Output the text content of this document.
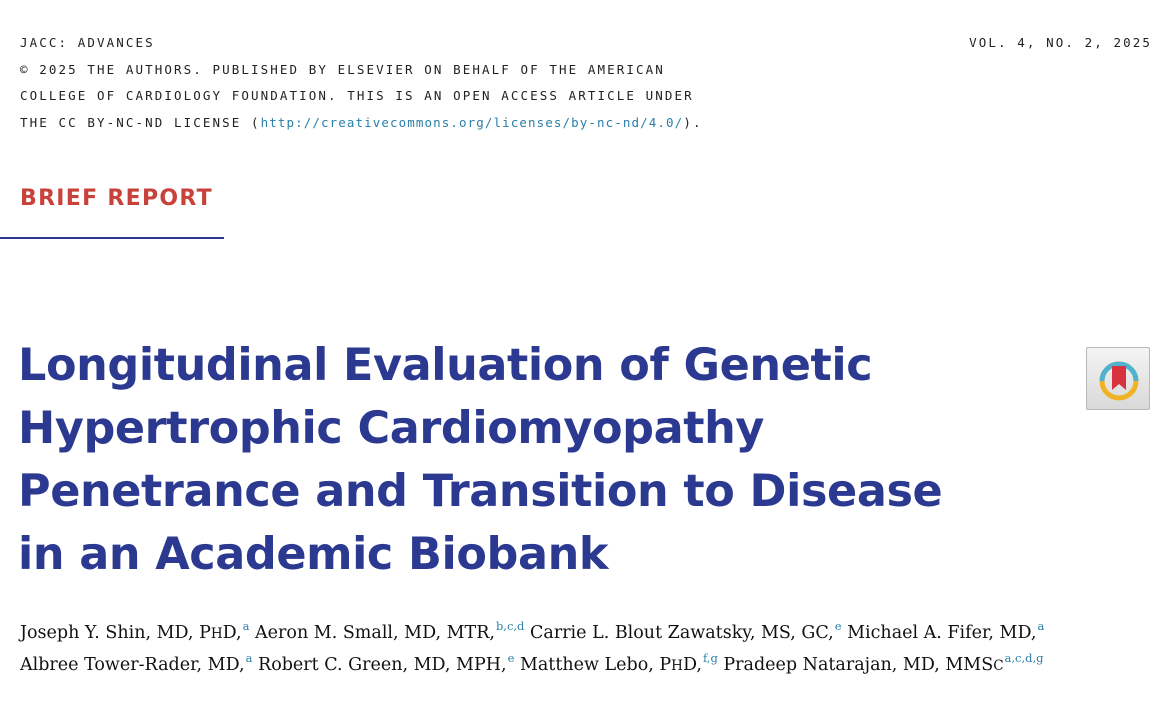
JACC: ADVANCES
© 2025 THE AUTHORS. PUBLISHED BY ELSEVIER ON BEHALF OF THE AMERICAN
COLLEGE OF CARDIOLOGY FOUNDATION. THIS IS AN OPEN ACCESS ARTICLE UNDER
THE CC BY-NC-ND LICENSE (http://creativecommons.org/licenses/by-nc-nd/4.0/).
VOL. 4, NO. 2, 2025
BRIEF REPORT
Longitudinal Evaluation of Genetic
Hypertrophic Cardiomyopathy
Penetrance and Transition to Disease
in an Academic Biobank
Joseph Y. Shin, MD, PHD,$^a$ Aeron M. Small, MD, MTR,$^{b,c,d}$ Carrie L. Blout Zawatsky, MS, GC,$^e$ Michael A. Fifer, MD,$^a$
Albree Tower-Rader, MD,$^a$ Robert C. Green, MD, MPH,$^e$ Matthew Lebo, PHD,$^{f,g}$ Pradeep Natarajan, MD, MMSC$^{a,c,d,g}$
